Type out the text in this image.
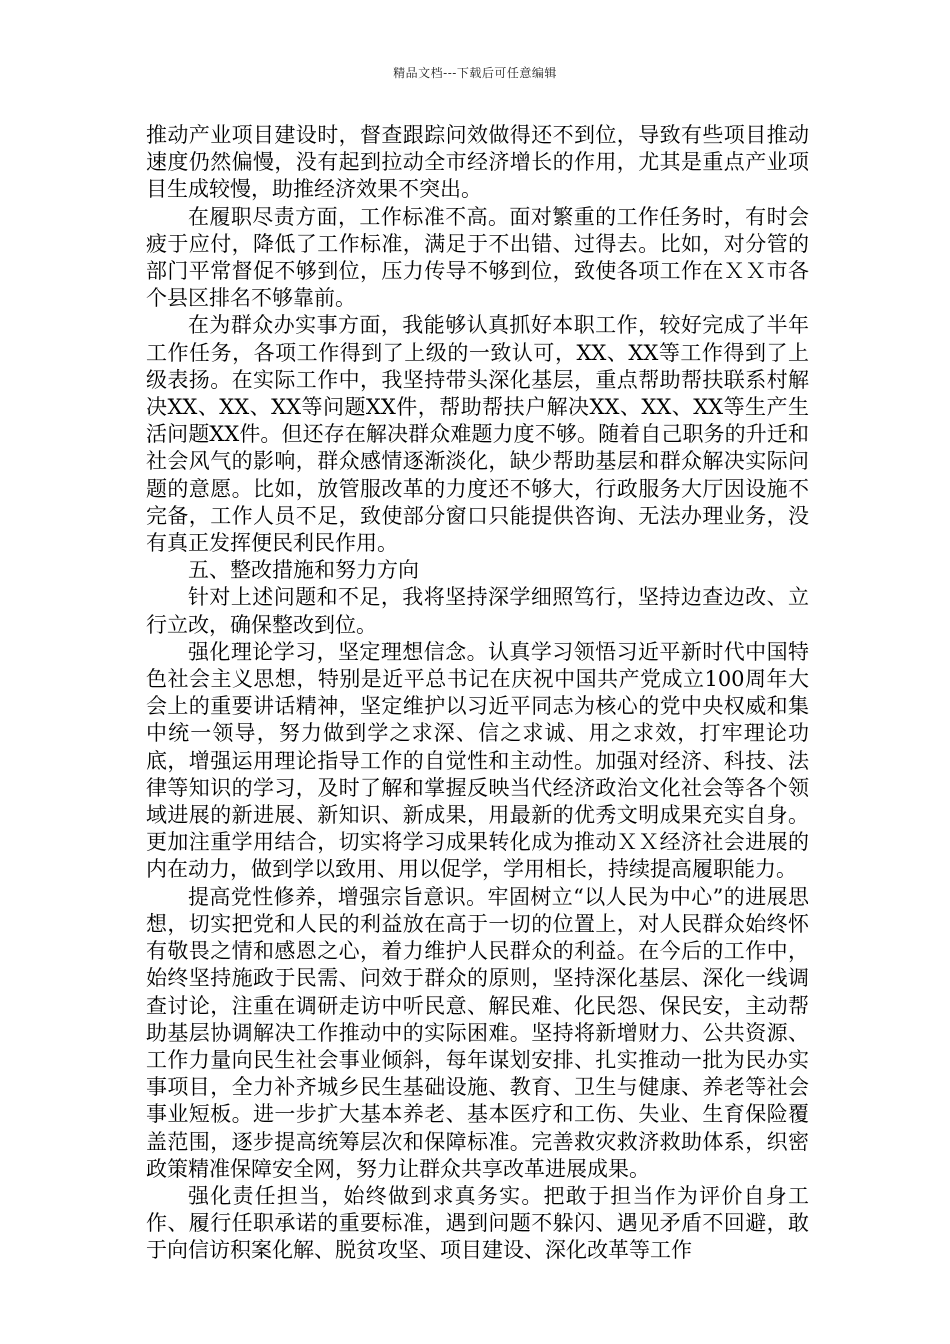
精品文档---下载后可任意编辑

推动产业项目建设时，督查跟踪问效做得还不到位，导致有些项目推动速度仍然偏慢，没有起到拉动全市经济增长的作用，尤其是重点产业项目生成较慢，助推经济效果不突出。

在履职尽责方面，工作标准不高。面对繁重的工作任务时，有时会疲于应付，降低了工作标准，满足于不出错、过得去。比如，对分管的部门平常督促不够到位，压力传导不够到位，致使各项工作在ＸＸ市各个县区排名不够靠前。

在为群众办实事方面，我能够认真抓好本职工作，较好完成了半年工作任务，各项工作得到了上级的一致认可，XX、XX等工作得到了上级表扬。在实际工作中，我坚持带头深化基层，重点帮助帮扶联系村解决XX、XX、XX等问题XX件，帮助帮扶户解决XX、XX、XX等生产生活问题XX件。但还存在解决群众难题力度不够。随着自己职务的升迁和社会风气的影响，群众感情逐渐淡化，缺少帮助基层和群众解决实际问题的意愿。比如，放管服改革的力度还不够大，行政服务大厅因设施不完备，工作人员不足，致使部分窗口只能提供咨询、无法办理业务，没有真正发挥便民利民作用。

五、整改措施和努力方向

针对上述问题和不足，我将坚持深学细照笃行，坚持边查边改、立行立改，确保整改到位。

强化理论学习，坚定理想信念。认真学习领悟习近平新时代中国特色社会主义思想，特别是近平总书记在庆祝中国共产党成立100周年大会上的重要讲话精神，坚定维护以习近平同志为核心的党中央权威和集中统一领导，努力做到学之求深、信之求诚、用之求效，打牢理论功底，增强运用理论指导工作的自觉性和主动性。加强对经济、科技、法律等知识的学习，及时了解和掌握反映当代经济政治文化社会等各个领域进展的新进展、新知识、新成果，用最新的优秀文明成果充实自身。更加注重学用结合，切实将学习成果转化成为推动ＸＸ经济社会进展的内在动力，做到学以致用、用以促学，学用相长，持续提高履职能力。

提高党性修养，增强宗旨意识。牢固树立“以人民为中心”的进展思想，切实把党和人民的利益放在高于一切的位置上，对人民群众始终怀有敬畏之情和感恩之心，着力维护人民群众的利益。在今后的工作中，始终坚持施政于民需、问效于群众的原则，坚持深化基层、深化一线调查讨论，注重在调研走访中听民意、解民难、化民怨、保民安，主动帮助基层协调解决工作推动中的实际困难。坚持将新增财力、公共资源、工作力量向民生社会事业倾斜，每年谋划安排、扎实推动一批为民办实事项目，全力补齐城乡民生基础设施、教育、卫生与健康、养老等社会事业短板。进一步扩大基本养老、基本医疗和工伤、失业、生育保险覆盖范围，逐步提高统筹层次和保障标准。完善救灾救济救助体系，织密政策精准保障安全网，努力让群众共享改革进展成果。

强化责任担当，始终做到求真务实。把敢于担当作为评价自身工作、履行任职承诺的重要标准，遇到问题不躲闪、遇见矛盾不回避，敢于向信访积案化解、脱贫攻坚、项目建设、深化改革等工作
